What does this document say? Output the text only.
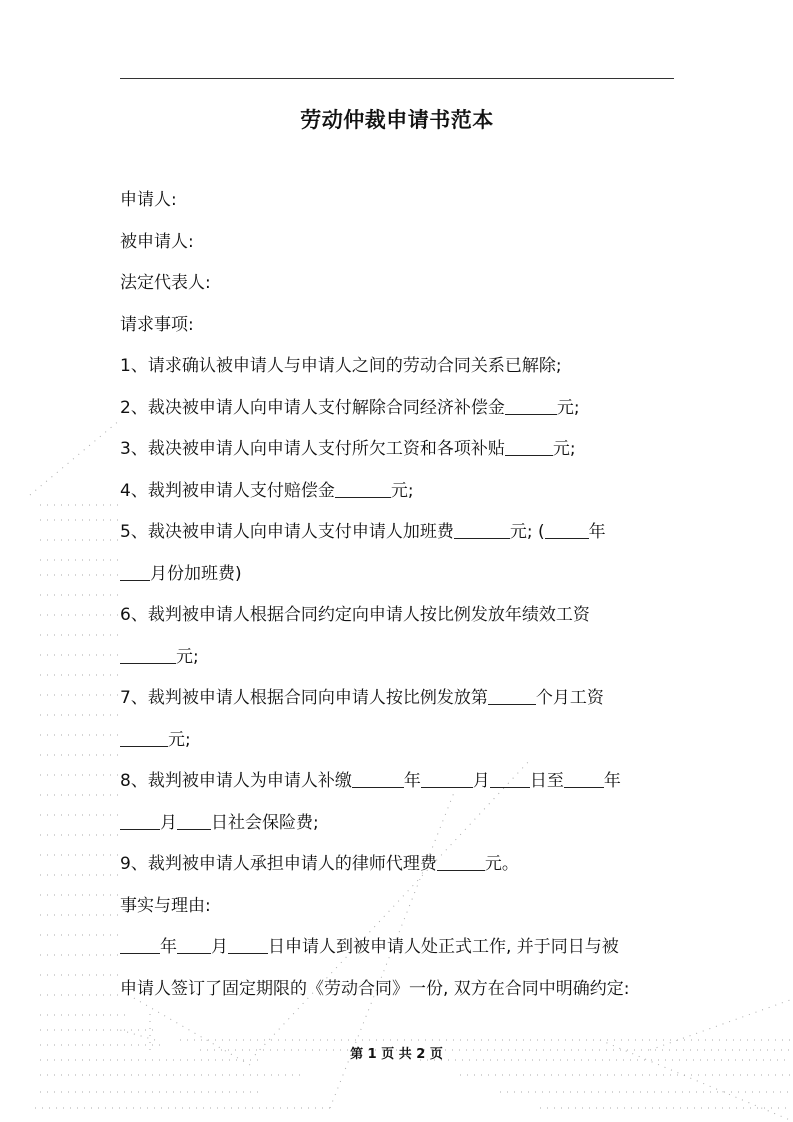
劳动仲裁申请书范本
申请人:
被申请人:
法定代表人:
请求事项:
1、请求确认被申请人与申请人之间的劳动合同关系已解除;
2、裁决被申请人向申请人支付解除合同经济补偿金	元;
3、裁决被申请人向申请人支付所欠工资和各项补贴	元;
4、裁判被申请人支付赔偿金	元;
5、裁决被申请人向申请人支付申请人加班费	元; (	年
月份加班费)
6、裁判被申请人根据合同约定向申请人按比例发放年绩效工资
元;
7、裁判被申请人根据合同向申请人按比例发放第	个月工资
元;
8、裁判被申请人为申请人补缴	年	月 日至 年
月 日社会保险费;
9、裁判被申请人承担申请人的律师代理费	元。
事实与理由:
年 月 日申请人到被申请人处正式工作, 并于同日与被
申请人签订了固定期限的《劳动合同》一份, 双方在合同中明确约定:
第 1 页 共 2 页
